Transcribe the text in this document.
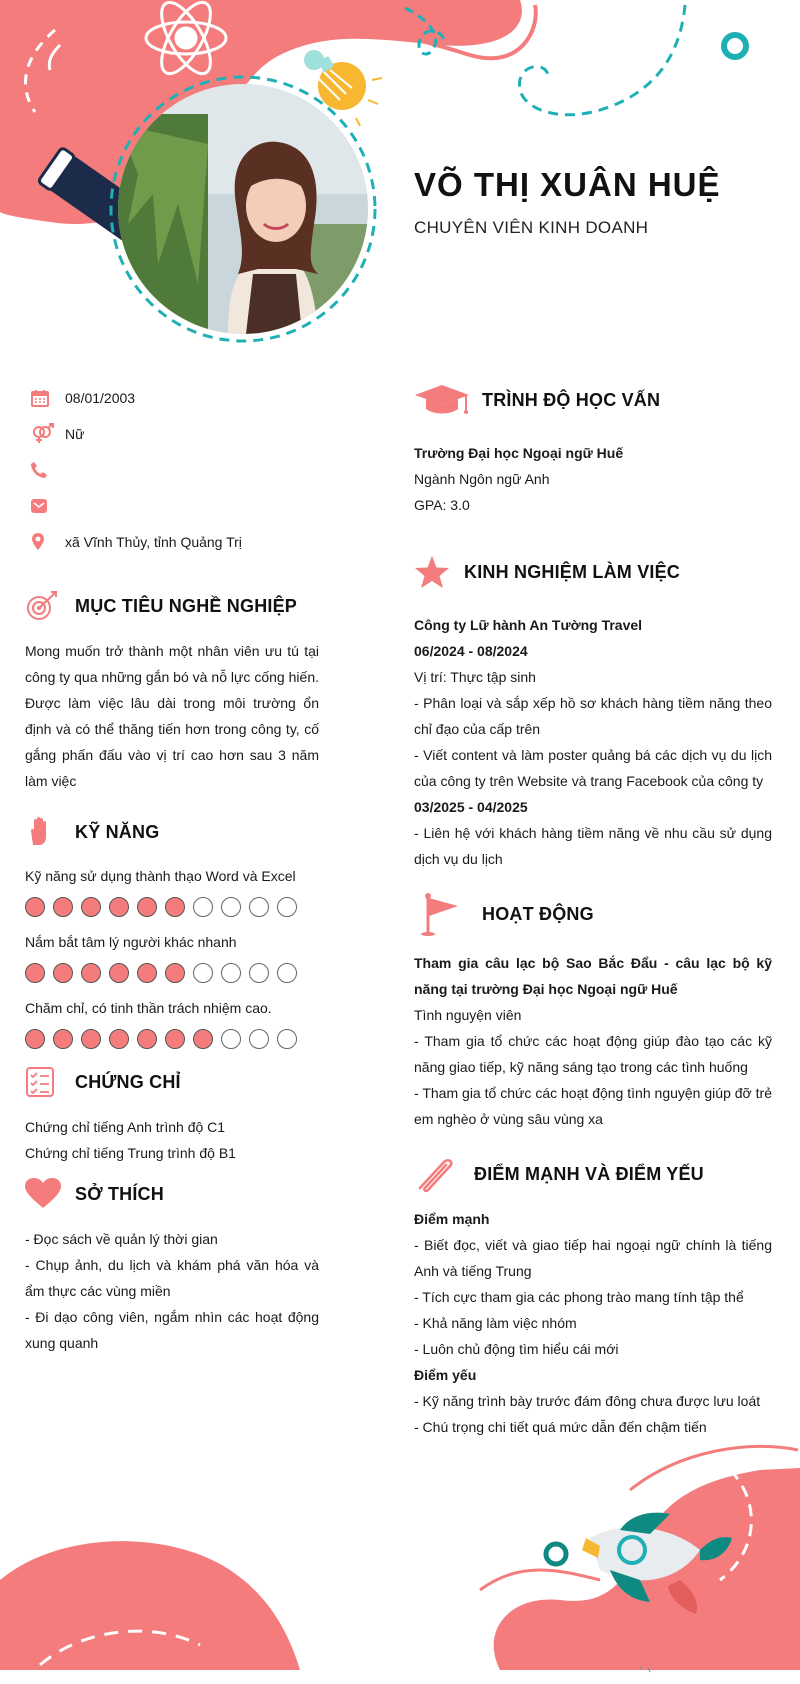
VÕ THỊ XUÂN HUỆ
CHUYÊN VIÊN KINH DOANH
08/01/2003
Nữ
xã Vĩnh Thủy, tỉnh Quảng Trị
MỤC TIÊU NGHỀ NGHIỆP

Mong muốn trở thành một nhân viên ưu tú tại công ty qua những gắn bó và nỗ lực cống hiến. Được làm việc lâu dài trong môi trường ổn định và có thể thăng tiến hơn trong công ty, cố gắng phấn đấu vào vị trí cao hơn sau 3 năm làm việc

KỸ NĂNG
Kỹ năng sử dụng thành thạo Word và Excel
Nắm bắt tâm lý người khác nhanh
Chăm chỉ, có tinh thần trách nhiệm cao.
CHỨNG CHỈ

Chứng chỉ tiếng Anh trình độ C1

Chứng chỉ tiếng Trung trình độ B1

SỞ THÍCH

- Đọc sách về quản lý thời gian

- Chụp ảnh, du lịch và khám phá văn hóa và ẩm thực các vùng miền

- Đi dạo công viên, ngắm nhìn các hoạt động xung quanh

TRÌNH ĐỘ HỌC VẤN

Trường Đại học Ngoại ngữ Huế

Ngành Ngôn ngữ Anh

GPA: 3.0

KINH NGHIỆM LÀM VIỆC

Công ty Lữ hành An Tường Travel

06/2024 - 08/2024

Vị trí: Thực tập sinh

- Phân loại và sắp xếp hồ sơ khách hàng tiềm năng theo chỉ đạo của cấp trên

- Viết content và làm poster quảng bá các dịch vụ du lịch của công ty trên Website và trang Facebook của công ty

03/2025 - 04/2025

- Liên hệ với khách hàng tiềm năng về nhu cầu sử dụng dịch vụ du lịch

HOẠT ĐỘNG

Tham gia câu lạc bộ Sao Bắc Đẩu - câu lạc bộ kỹ năng tại trường Đại học Ngoại ngữ Huế

Tình nguyện viên

- Tham gia tổ chức các hoạt động giúp đào tạo các kỹ năng giao tiếp, kỹ năng sáng tạo trong các tình huống

- Tham gia tổ chức các hoạt động tình nguyện giúp đỡ trẻ em nghèo ở vùng sâu vùng xa

ĐIỂM MẠNH VÀ ĐIỂM YẾU

Điểm mạnh

- Biết đọc, viết và giao tiếp hai ngoại ngữ chính là tiếng Anh và tiếng Trung

- Tích cực tham gia các phong trào mang tính tập thể

- Khả năng làm việc nhóm

- Luôn chủ động tìm hiểu cái mới

Điểm yếu

- Kỹ năng trình bày trước đám đông chưa được lưu loát

- Chú trọng chi tiết quá mức dẫn đến chậm tiến
